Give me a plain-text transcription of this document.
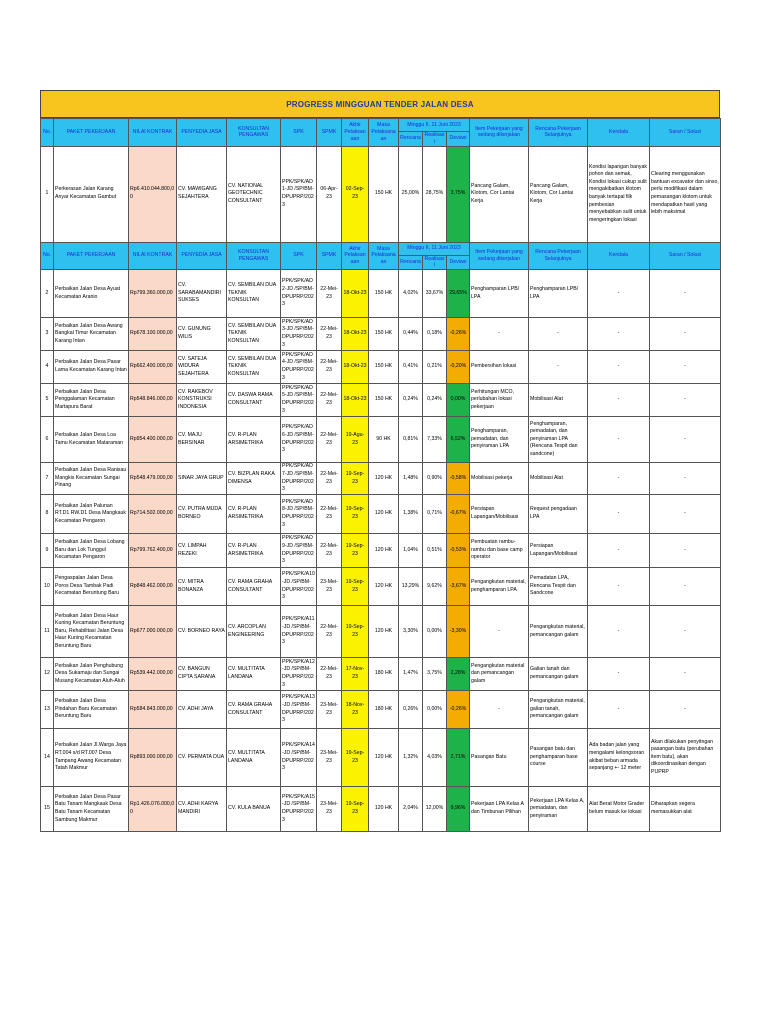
PROGRESS MINGGUAN TENDER JALAN DESA
No.	PAKET PEKERJAAN	NILAI KONTRAK	PENYEDIA JASA	KONSULTAN PENGAWAS	SPK	SPMK	Akhir Pelaksanaan	Masa Pelaksanaan	Minggu II, 11 Juni 2023			Item Pekerjaan yang sedang dikerjakan	Rencana Pekerjaan Selanjutnya	Kendala	Saran / Solusi
									Rencana	Realisasi	Deviasi				
1	Perkerasan Jalan Karang Anyar Kecamatan Gambut	Rp6.410.044.800,00	CV. MAWIGANG SEJAHTERA	CV. NATIONAL GEOTECHNIC CONSULTANT	PPK/SPK/AD1-JD /SP/BM-DPUPRP/2023	06-Apr-23	02-Sep-23	150 HK	25,00%	28,75%	3,75%	Pancang Galam, Klotom, Cor Lantai Kerja	Pancang Galam, Klotom, Cor Lantai Kerja	Kondisi lapangan banyak pohon dan semak, Kondisi lokasi cukup sulit mengakibatkan klotom banyak tertapal filk pembesian menyebabkan sulit untuk mengeringkan lokasi	Clearing menggunakan bantuan excavator dan sinso, perlu modifikasi dalam pemasangan klotom untuk mendapatkan hasil yang lebih maksimal
No.	PAKET PEKERJAAN	NILAI KONTRAK	PENYEDIA JASA	KONSULTAN PENGAWAS	SPK	SPMK	Akhir Pelaksanaan	Masa Pelaksanaan	Minggu II, 11 Juni 2023			Item Pekerjaan yang sedang dikerjakan	Rencana Pekerjaan Selanjutnya	Kendala	Saran / Solusi
									Rencana	Realisasi	Deviasi				
2	Perbaikan Jalan Desa Ayuat Kecamatan Aranio	Rp799.360.000,00	CV. SARABAMANDIRI SUKSES	CV. SEMBILAN DUA TEKNIK KONSULTAN	PPK/SPK/AD2-JD /SP/BM-DPUPRP/2023	22-Mei-23	18-Okt-23	150 HK	4,02%	33,67%	29,65%	Penghamparan LPB/ LPA	Penghamparan LPB/ LPA	-	-
3	Perbaikan Jalan Desa Awang Bangkal Timur Kecamatan Karang Intan	Rp678.100.000,00	CV. GUNUNG WILIS	CV. SEMBILAN DUA TEKNIK KONSULTAN	PPK/SPK/AD3-JD /SP/BM-DPUPRP/2023	22-Mei-23	18-Okt-23	150 HK	0,44%	0,18%	-0,26%	-	-	-	-
4	Perbaikan Jalan Desa Pasar Lama Kecamatan Karang Intan	Rp662.400.000,00	CV. SATEJA WIDURA SEJAHTERA	CV. SEMBILAN DUA TEKNIK KONSULTAN	PPK/SPK/AD4-JD /SP/BM-DPUPRP/2023	22-Mei-23	18-Okt-23	150 HK	0,41%	0,21%	-0,20%	Pembersihan lokasi	-	-	-
5	Perbaikan Jalan Desa Penggalaman Kecamatan Martapura Barat	Rp548.846.000,00	CV. RAKEBOV KONSTRUKSI INDONESIA	CV. DASWA RAMA CONSULTANT	PPK/SPK/AD5-JD /SP/BM-DPUPRP/2023	22-Mei-23	18-Okt-23	150 HK	0,24%	0,24%	0,00%	Perhitungan MCO, perlubahan lokasi pekerjaan	Mobilisasi Alat	-	-
6	Perbaikan Jalan Desa Loa Tamu Kecamatan Mataraman	Rp954.400.000,00	CV. MAJU BERSINAR	CV. R-PLAN ARSIMETRIKA	PPK/SPK/AD6-JD /SP/BM-DPUPRP/2023	22-Mei-23	19-Agu-23	90 HK	0,81%	7,33%	6,52%	Penghamparan, pemadatan, dan penyiraman LPA	Penghamparan, pemadatan, dan penyiraman LPA (Rencana Tespit dan sandcone)	-	-
7	Perbaikan Jalan Desa Ranisau Mangkis Kecamatan Sungai Pinang	Rp548.479.000,00	SINAR JAYA GRUP	CV. BIZPLAN RAKA DIMENSA	PPK/SPK/AD7-JD /SP/BM-DPUPRP/2023	22-Mei-23	19-Sep-23	120 HK	1,48%	0,90%	-0,58%	Mobilisasi pekerja	Mobilisasi Alat	-	-
8	Perbaikan Jalan Palunan RT.D1 RW.D1 Desa Mangkauk Kecamatan Pengaron	Rp714.502.000,00	CV. PUTRA MUDA BORNEO	CV. R-PLAN ARSIMETRIKA	PPK/SPK/AD8-JD /SP/BM-DPUPRP/2023	22-Mei-23	19-Sep-23	120 HK	1,38%	0,71%	-0,67%	Persiapan Lapangan/Mobilisasi	Request pengadaan LPA	-	-
9	Perbaikan Jalan Desa Lobang Baru dan Lok Tunggul Kecamatan Pengaron	Rp799.762.400,00	CV. LIMPAH REZEKI	CV. R-PLAN ARSIMETRIKA	PPK/SPK/AD9-JD /SP/BM-DPUPRP/2023	22-Mei-23	19-Sep-23	120 HK	1,04%	0,51%	-0,53%	Pembuatan rambu-rambu dan base camp operator	Persiapan Lapangan/Mobilisasi	-	-
10	Pengaspalan Jalan Desa Poros Desa Tambak Padi Kecamatan Beruntung Baru	Rp848.462.000,00	CV. MITRA BONANZA	CV. RAMA GRAHA CONSULTANT	PPK/SPK/A10-JD /SP/BM-DPUPRP/2023	23-Mei-23	19-Sep-23	120 HK	13,29%	9,62%	-3,67%	Pengangkutan material, penghamparan LPA	Pemadatan LPA, Rencana Tespit dan Sandcone	-	-
11	Perbaikan Jalan Desa Haur Kuning Kecamatan Beruntung Baru, Rehabilitasi Jalan Desa Haur Kuning Kecamatan Beruntung Baru	Rp677.000.000,00	CV. BORNEO RAYA	CV. ARCOPLAN ENGINEERING	PPK/SPK/A11-JD /SP/BM-DPUPRP/2023	22-Mei-23	19-Sep-23	120 HK	3,30%	0,00%	-3,30%	-	Pengangkutan material, pemancangan galam	-	-
12	Perbaikan Jalan Penghubung Desa Sukamaju dan Sungai Musang Kecamatan Aluh-Aluh	Rp539.442.000,00	CV. BANGUN CIPTA SARANA	CV. MULTITATA LANDANA	PPK/SPK/A12-JD /SP/BM-DPUPRP/2023	22-Mei-23	17-Nov-23	180 HK	1,47%	3,75%	2,28%	Pengangkutan material dan pemancangan galam	Galian tanah dan pemancangan galam	-	-
13	Perbaikan Jalan Desa Pindahan Baru Kecamatan Beruntung Baru	Rp584.843.000,00	CV. ADHI JAYA	CV. RAMA GRAHA CONSULTANT	PPK/SPK/A13-JD /SP/BM-DPUPRP/2023	23-Mei-23	18-Nov-23	180 HK	0,26%	0,00%	-0,26%	-	Pengangkutan material, galian tanah, pemancangan galam	-	-
14	Perbaikan Jalan Jl.Warga Jaya RT.004 s/d RT.007 Desa Tampang Awang Kecamatan Tatah Makmur	Rp893.000.000,00	CV. PERMATA DUA	CV. MULTITATA LANDANA	PPK/SPK/A14-JD /SP/BM-DPUPRP/2023	23-Mei-23	19-Sep-23	120 HK	1,32%	4,03%	2,71%	Pasangan Batu	Pasangan batu dan penghamparan base course	Ada badan jalan yang mengalami kelongsoran akibat beban armada sepanjang +- 12 meter	Akan dilakukan penyitngan pasangan batu (perubahan item batu), akan dikoordinasikan dengan PUPRP
15	Perbaikan Jalan Desa Pasar Batu Tanam Mangkauk Desa Batu Tanam Kecamatan Sambung Makmur	Rp1.426.076.000,00	CV. ADHI KARYA MANDIRI	CV. KULA BANUA	PPK/SPK/A15-JD /SP/BM-DPUPRP/2023	23-Mei-23	19-Sep-23	120 HK	2,04%	12,00%	9,96%	Pekerjaan LPA Kelas A dan Timbunan Pilihan	Pekerjaan LPA Kelas A, pemadatan, dan penyiraman	Alat Berat Motor Grader belum masuk ke lokasi	Diharapkan segera memasukkan alat
